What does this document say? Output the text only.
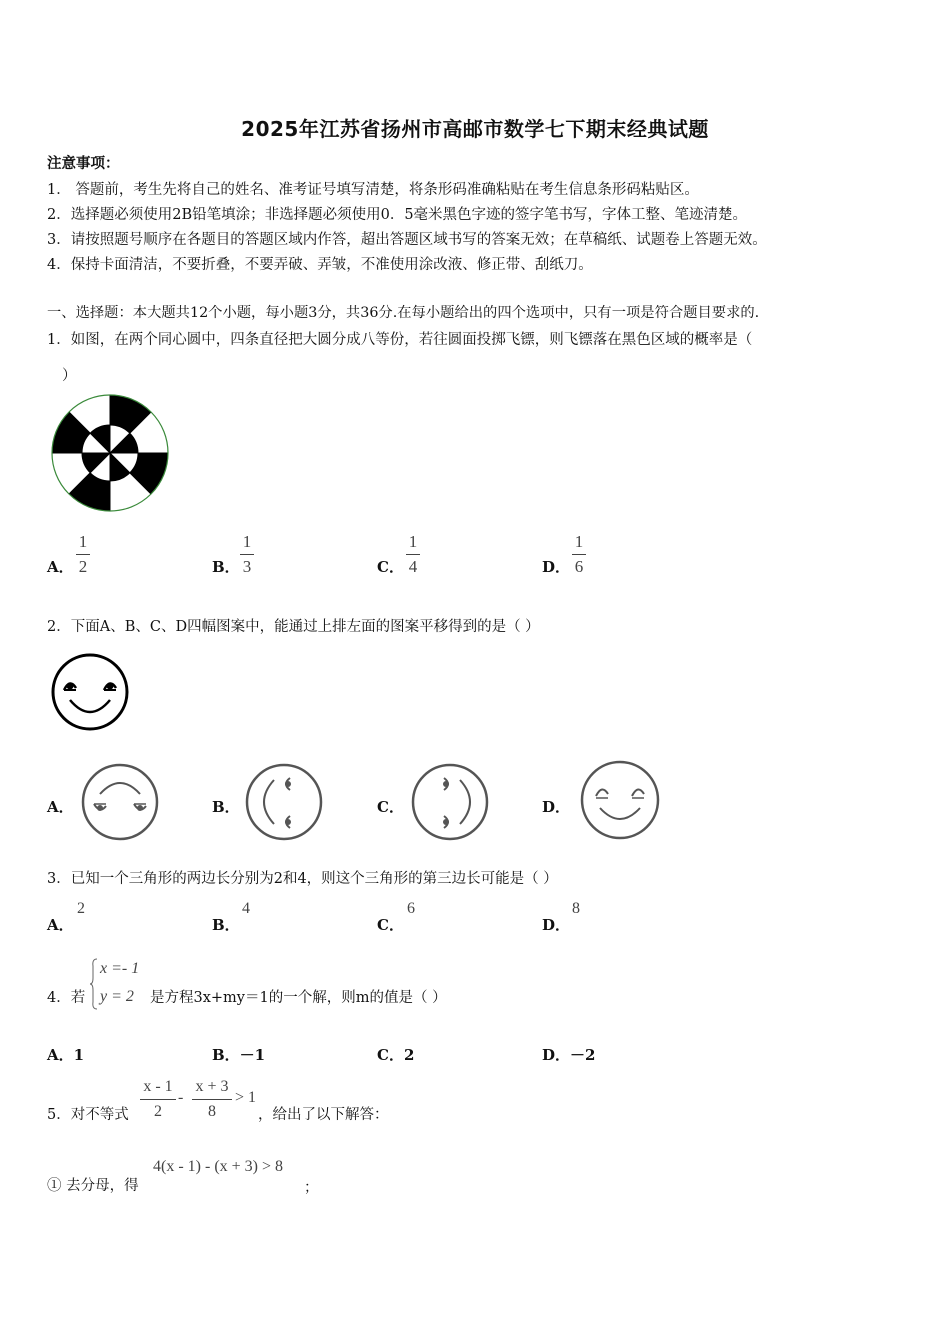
2025年江苏省扬州市高邮市数学七下期末经典试题
注意事项：
1． 答题前，考生先将自己的姓名、准考证号填写清楚，将条形码准确粘贴在考生信息条形码粘贴区。
2．选择题必须使用2B铅笔填涂；非选择题必须使用0．5毫米黑色字迹的签字笔书写，字体工整、笔迹清楚。
3．请按照题号顺序在各题目的答题区域内作答，超出答题区域书写的答案无效；在草稿纸、试题卷上答题无效。
4．保持卡面清洁，不要折叠，不要弄破、弄皱，不准使用涂改液、修正带、刮纸刀。
一、选择题：本大题共12个小题，每小题3分，共36分.在每小题给出的四个选项中，只有一项是符合题目要求的.
1．如图，在两个同心圆中，四条直径把大圆分成八等份，若往圆面投掷飞镖，则飞镖落在黑色区域的概率是（
）
A．
1
2	B．
1
3	C．
1
4	D．
1
6
2．下面A、B、C、D四幅图案中，能通过上排左面的图案平移得到的是（ ）
A．	B．	C．	D．
3．已知一个三角形的两边长分别为2和4，则这个三角形的第三边长可能是（ ）
A．
2
B．
4
C．
6
D．
8
4．若
x =- 1
y = 2 是方程3x+my＝1的一个解，则m的值是（ ）
A．1	B．－1	C．2	D．－2
5．对不等式
x - 1
2
-
x + 3
8
> 1
，给出了以下解答：
① 去分母，得
4(x - 1) - (x + 3) > 8
；
